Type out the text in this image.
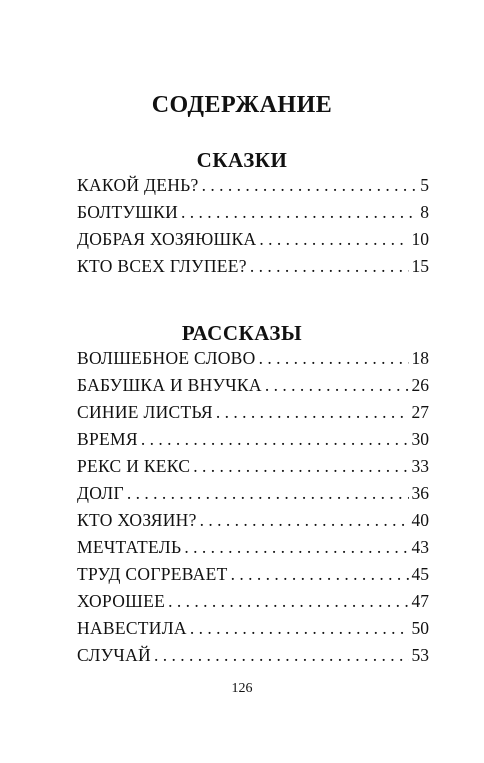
СОДЕРЖАНИЕ
СКАЗКИ
КАКОЙ ДЕНЬ? . . .	5
БОЛТУШКИ . . .	8
ДОБРАЯ ХОЗЯЮШКА . . .	10
КТО ВСЕХ ГЛУПЕЕ? . . .	15
РАССКАЗЫ
ВОЛШЕБНОЕ СЛОВО . . .	18
БАБУШКА И ВНУЧКА . . .	26
СИНИЕ ЛИСТЬЯ . . .	27
ВРЕМЯ . . .	30
РЕКС И КЕКС . . .	33
ДОЛГ . . .	36
КТО ХОЗЯИН? . . .	40
МЕЧТАТЕЛЬ . . .	43
ТРУД СОГРЕВАЕТ . . .	45
ХОРОШЕЕ . . .	47
НАВЕСТИЛА . . .	50
СЛУЧАЙ . . .	53
126
